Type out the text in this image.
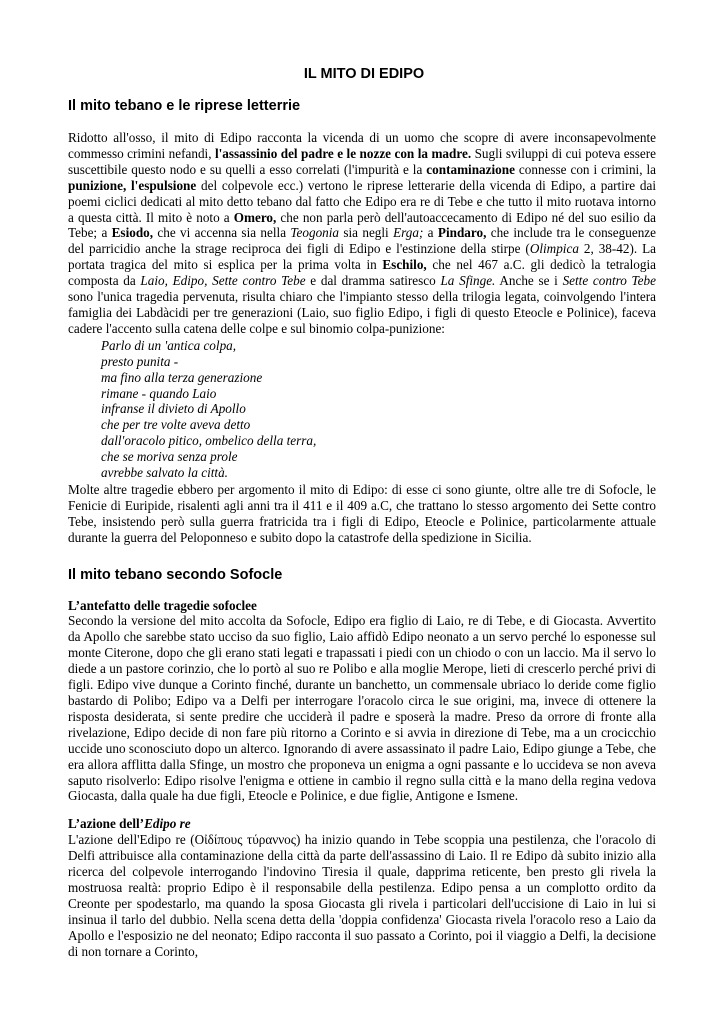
IL MITO DI EDIPO
Il mito tebano e le riprese letterrie

Ridotto all'osso, il mito di Edipo racconta la vicenda di un uomo che scopre di avere inconsapevolmente commesso crimini nefandi, l'assassinio del padre e le nozze con la madre. Sugli sviluppi di cui poteva essere suscettibile questo nodo e su quelli a esso correlati (l'impurità e la contaminazione connesse con i crimini, la punizione, l'espulsione del colpevole ecc.) vertono le riprese letterarie della vicenda di Edipo, a partire dai poemi ciclici dedicati al mito detto tebano dal fatto che Edipo era re di Tebe e che tutto il mito ruotava intorno a questa città. Il mito è noto a Omero, che non parla però dell'autoaccecamento di Edipo né del suo esilio da Tebe; a Esiodo, che vi accenna sia nella Teogonia sia negli Erga; a Pindaro, che include tra le conseguenze del parricidio anche la strage reciproca dei figli di Edipo e l'estinzione della stirpe (Olimpica 2, 38-42). La portata tragica del mito si esplica per la prima volta in Eschilo, che nel 467 a.C. gli dedicò la tetralogia composta da Laio, Edipo, Sette contro Tebe e dal dramma satiresco La Sfinge. Anche se i Sette contro Tebe sono l'unica tragedia pervenuta, risulta chiaro che l'impianto stesso della trilogia legata, coinvolgendo l'intera famiglia dei Labdàcidi per tre generazioni (Laio, suo figlio Edipo, i figli di questo Eteocle e Polinice), faceva cadere l'accento sulla catena delle colpe e sul binomio colpa-punizione:

Parlo di un 'antica colpa,
presto punita -
ma fino alla terza generazione
rimane - quando Laio
infranse il divieto di Apollo
che per tre volte aveva detto
dall'oracolo pitico, ombelico della terra,
che se moriva senza prole
avrebbe salvato la città.

Molte altre tragedie ebbero per argomento il mito di Edipo: di esse ci sono giunte, oltre alle tre di Sofocle, le Fenicie di Euripide, risalenti agli anni tra il 411 e il 409 a.C, che trattano lo stesso argomento dei Sette contro Tebe, insistendo però sulla guerra fratricida tra i figli di Edipo, Eteocle e Polinice, particolarmente attuale durante la guerra del Peloponneso e subito dopo la catastrofe della spedizione in Sicilia.

Il mito tebano secondo Sofocle
L’antefatto delle tragedie sofoclee

Secondo la versione del mito accolta da Sofocle, Edipo era figlio di Laio, re di Tebe, e di Giocasta. Avvertito da Apollo che sarebbe stato ucciso da suo figlio, Laio affidò Edipo neonato a un servo perché lo esponesse sul monte Citerone, dopo che gli erano stati legati e trapassati i piedi con un chiodo o con un laccio. Ma il servo lo diede a un pastore corinzio, che lo portò al suo re Polibo e alla moglie Merope, lieti di crescerlo perché privi di figli. Edipo vive dunque a Corinto finché, durante un banchetto, un commensale ubriaco lo deride come figlio bastardo di Polibo; Edipo va a Delfi per interrogare l'oracolo circa le sue origini, ma, invece di ottenere la risposta desiderata, si sente predire che ucciderà il padre e sposerà la madre. Preso da orrore di fronte alla rivelazione, Edipo decide di non fare più ritorno a Corinto e si avvia in direzione di Tebe, ma a un crocicchio uccide uno sconosciuto dopo un alterco. Ignorando di avere assassinato il padre Laio, Edipo giunge a Tebe, che era allora afflitta dalla Sfinge, un mostro che proponeva un enigma a ogni passante e lo uccideva se non aveva saputo risolverlo: Edipo risolve l'enigma e ottiene in cambio il regno sulla città e la mano della regina vedova Giocasta, dalla quale ha due figli, Eteocle e Polinice, e due figlie, Antigone e Ismene.

L’azione dell’Edipo re

L'azione dell'Edipo re (Οἰδίπους τύραννος) ha inizio quando in Tebe scoppia una pestilenza, che l'oracolo di Delfi attribuisce alla contaminazione della città da parte dell'assassino di Laio. Il re Edipo dà subito inizio alla ricerca del colpevole interrogando l'indovino Tiresia il quale, dapprima reticente, ben presto gli rivela la mostruosa realtà: proprio Edipo è il responsabile della pestilenza. Edipo pensa a un complotto ordito da Creonte per spodestarlo, ma quando la sposa Giocasta gli rivela i particolari dell'uccisione di Laio in lui si insinua il tarlo del dubbio. Nella scena detta della 'doppia confidenza' Giocasta rivela l'oracolo reso a Laio da Apollo e l'esposizio ne del neonato; Edipo racconta il suo passato a Corinto, poi il viaggio a Delfi, la decisione di non tornare a Corinto,
